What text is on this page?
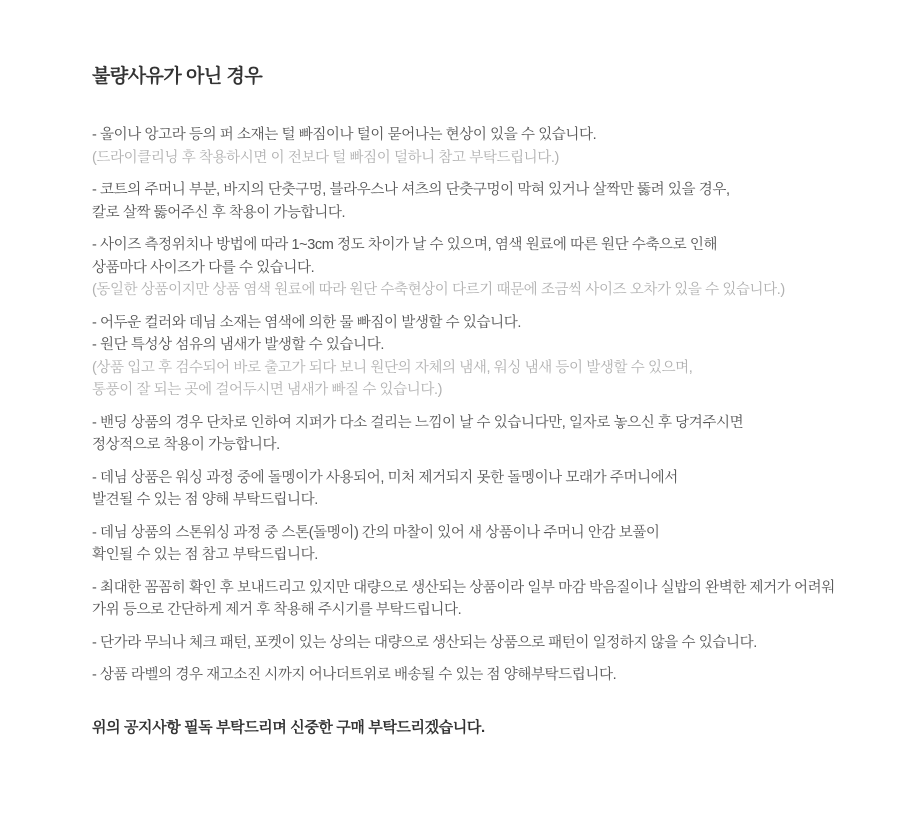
불량사유가 아닌 경우

- 울이나 앙고라 등의 퍼 소재는 털 빠짐이나 털이 묻어나는 현상이 있을 수 있습니다.

(드라이클리닝 후 착용하시면 이 전보다 털 빠짐이 덜하니 참고 부탁드립니다.)

- 코트의 주머니 부분, 바지의 단춧구멍, 블라우스나 셔츠의 단춧구멍이 막혀 있거나 살짝만 뚫려 있을 경우,

칼로 살짝 뚫어주신 후 착용이 가능합니다.

- 사이즈 측정위치나 방법에 따라 1~3cm 정도 차이가 날 수 있으며, 염색 원료에 따른 원단 수축으로 인해

상품마다 사이즈가 다를 수 있습니다.

(동일한 상품이지만 상품 염색 원료에 따라 원단 수축현상이 다르기 때문에 조금씩 사이즈 오차가 있을 수 있습니다.)

- 어두운 컬러와 데님 소재는 염색에 의한 물 빠짐이 발생할 수 있습니다.

- 원단 특성상 섬유의 냄새가 발생할 수 있습니다.

(상품 입고 후 검수되어 바로 출고가 되다 보니 원단의 자체의 냄새, 워싱 냄새 등이 발생할 수 있으며,

통풍이 잘 되는 곳에 걸어두시면 냄새가 빠질 수 있습니다.)

- 밴딩 상품의 경우 단차로 인하여 지퍼가 다소 걸리는 느낌이 날 수 있습니다만, 일자로 놓으신 후 당겨주시면

정상적으로 착용이 가능합니다.

- 데님 상품은 워싱 과정 중에 돌멩이가 사용되어, 미처 제거되지 못한 돌멩이나 모래가 주머니에서

발견될 수 있는 점 양해 부탁드립니다.

- 데님 상품의 스톤워싱 과정 중 스톤(돌멩이) 간의 마찰이 있어 새 상품이나 주머니 안감 보풀이

확인될 수 있는 점 참고 부탁드립니다.

- 최대한 꼼꼼히 확인 후 보내드리고 있지만 대량으로 생산되는 상품이라 일부 마감 박음질이나 실밥의 완벽한 제거가 어려워

가위 등으로 간단하게 제거 후 착용해 주시기를 부탁드립니다.

- 단가라 무늬나 체크 패턴, 포켓이 있는 상의는 대량으로 생산되는 상품으로 패턴이 일정하지 않을 수 있습니다.

- 상품 라벨의 경우 재고소진 시까지 어나더트위로 배송될 수 있는 점 양해부탁드립니다.

위의 공지사항 필독 부탁드리며 신중한 구매 부탁드리겠습니다.
